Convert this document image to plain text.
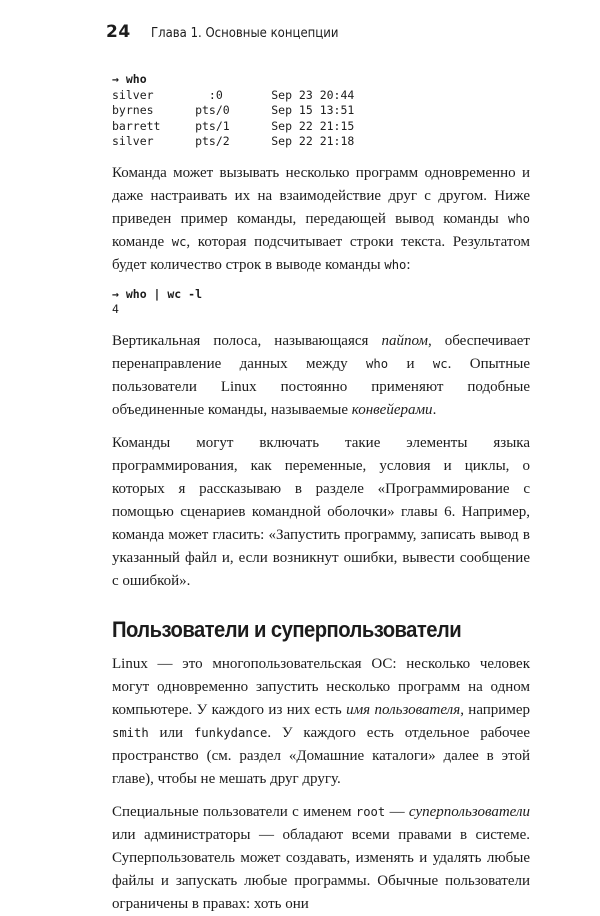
24 Глава 1. Основные концепции
→ who
silver        :0       Sep 23 20:44
byrnes      pts/0      Sep 15 13:51
barrett     pts/1      Sep 22 21:15
silver      pts/2      Sep 22 21:18

Команда может вызывать несколько программ одновременно и даже настраивать их на взаимодействие друг с другом. Ниже приведен пример команды, передающей вывод команды who команде wc, которая подсчитывает строки текста. Результатом будет количество строк в выводе команды who:

→ who | wc -l
4

Вертикальная полоса, называющаяся пайпом, обеспечивает перенаправление данных между who и wc. Опытные пользователи Linux постоянно применяют подобные объединенные команды, называемые конвейерами.

Команды могут включать такие элементы языка программирования, как переменные, условия и циклы, о которых я рассказываю в разделе «Программирование с помощью сценариев командной оболочки» главы 6. Например, команда может гласить: «Запустить программу, записать вывод в указанный файл и, если возникнут ошибки, вывести сообщение с ошибкой».

Пользователи и суперпользователи

Linux — это многопользовательская ОС: несколько человек могут одновременно запустить несколько программ на одном компьютере. У каждого из них есть имя пользователя, например smith или funkydance. У каждого есть отдельное рабочее пространство (см. раздел «Домашние каталоги» далее в этой главе), чтобы не мешать друг другу.

Специальные пользователи с именем root — суперпользователи или администраторы — обладают всеми правами в системе. Суперпользователь может создавать, изменять и удалять любые файлы и запускать любые программы. Обычные пользователи ограничены в правах: хоть они
